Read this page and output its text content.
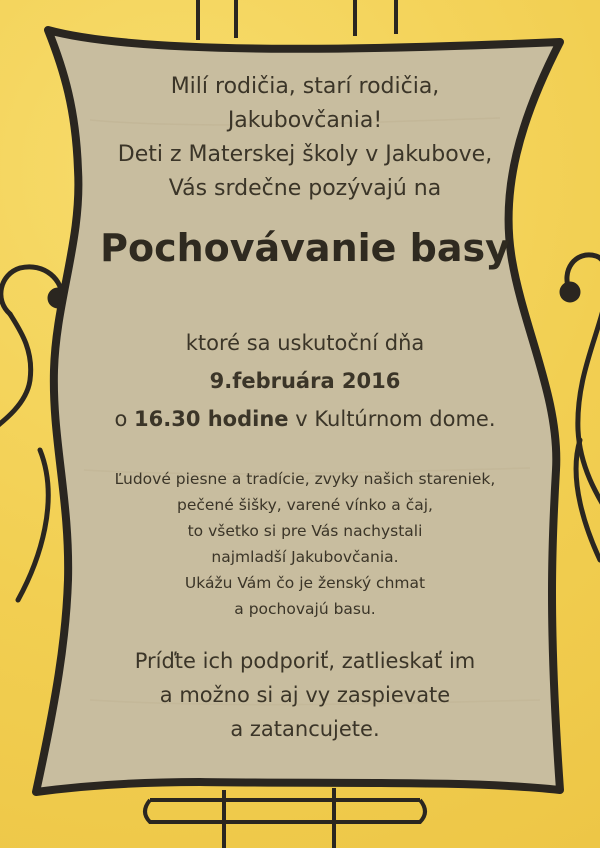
Milí rodičia, starí rodičia,
Jakubovčania!
Deti z Materskej školy v Jakubove,
Vás srdečne pozývajú na

Pochovávanie basy
ktoré sa uskutoční dňa
9.februára 2016
o 16.30 hodine v Kultúrnom dome.
Ľudové piesne a tradície, zvyky našich stareniek,
pečené šišky, varené vínko a čaj,
to všetko si pre Vás nachystali
najmladší Jakubovčania.
Ukážu Vám čo je ženský chmat
a pochovajú basu.
Príďte ich podporiť, zatlieskať im
a možno si aj vy zaspievate
a zatancujete.
